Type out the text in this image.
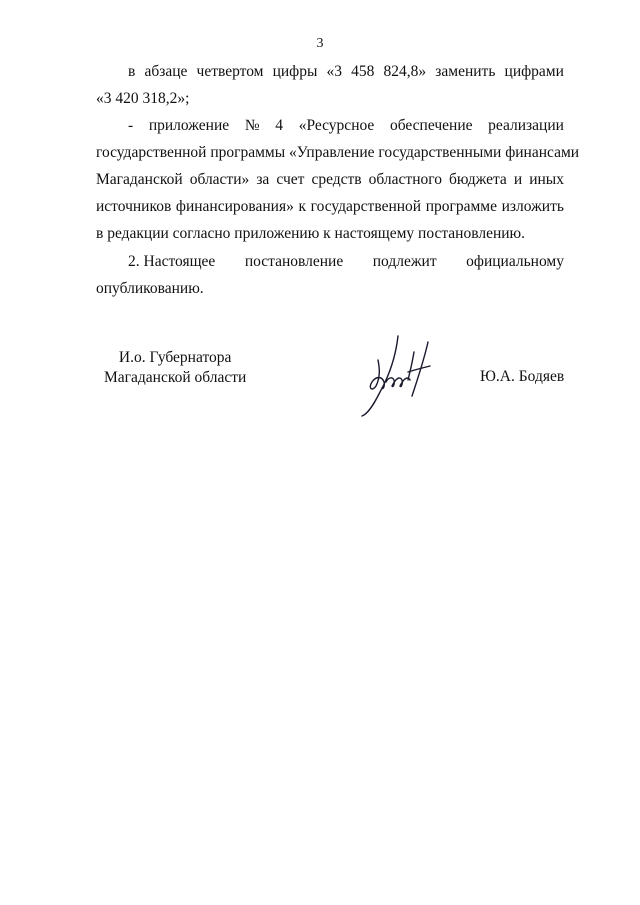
3
в абзаце четвертом цифры «3 458 824,8» заменить цифрами
«3 420 318,2»;
- приложение № 4 «Ресурсное обеспечение реализации
государственной программы «Управление государственными финансами
Магаданской области» за счет средств областного бюджета и иных
источников финансирования» к государственной программе изложить
в редакции согласно приложению к настоящему постановлению.
2. Настоящее постановление подлежит официальному
опубликованию.
И.о. Губернатора
Магаданской области	Ю.А. Бодяев
